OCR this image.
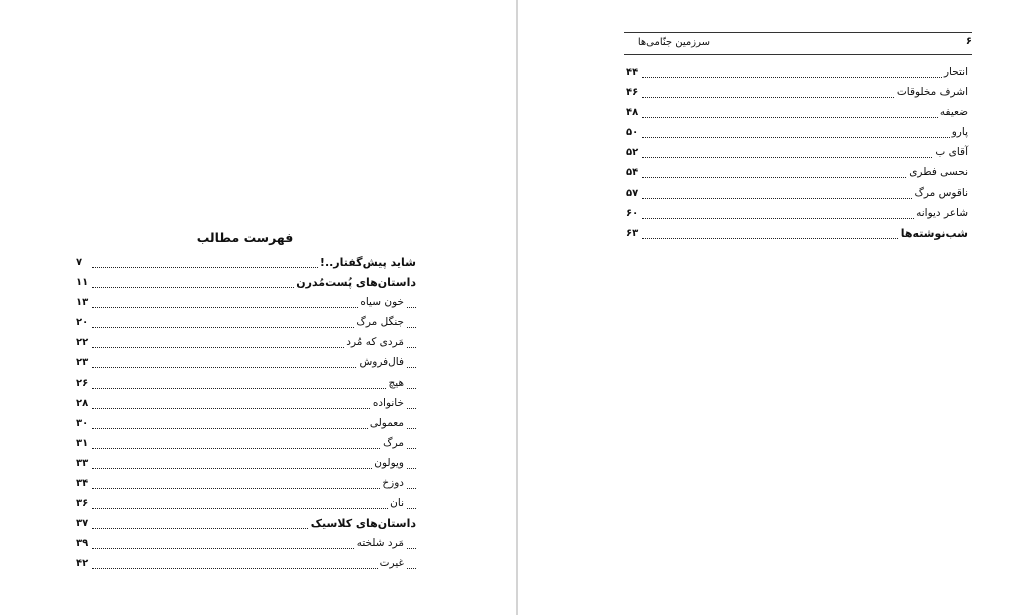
فهرست مطالب
۷	شاید پیش‌گفتار..!
۱۱	داستان‌های پُست‌مُدرن
۱۳	خون سیاه
۲۰	جنگل مرگ
۲۲	مَردی که مُرد
۲۳	فال‌فروش
۲۶	هیچ
۲۸	خانواده
۳۰	معمولی
۳۱	مرگ
۳۳	ویولون
۳۴	دوزخ
۳۶	نان
۳۷	داستان‌های کلاسیک
۳۹	مَرد شلخته
۴۲	غیرت
سرزمین جنّامی‌ها	۶
۴۴	انتحار
۴۶	اشرف مخلوقات
۴۸	ضعیفه
۵۰	پارو
۵۲	آقای ب
۵۴	نحسی فطری
۵۷	ناقوس مرگ
۶۰	شاعر دیوانه
۶۳	شب‌نوشته‌ها
